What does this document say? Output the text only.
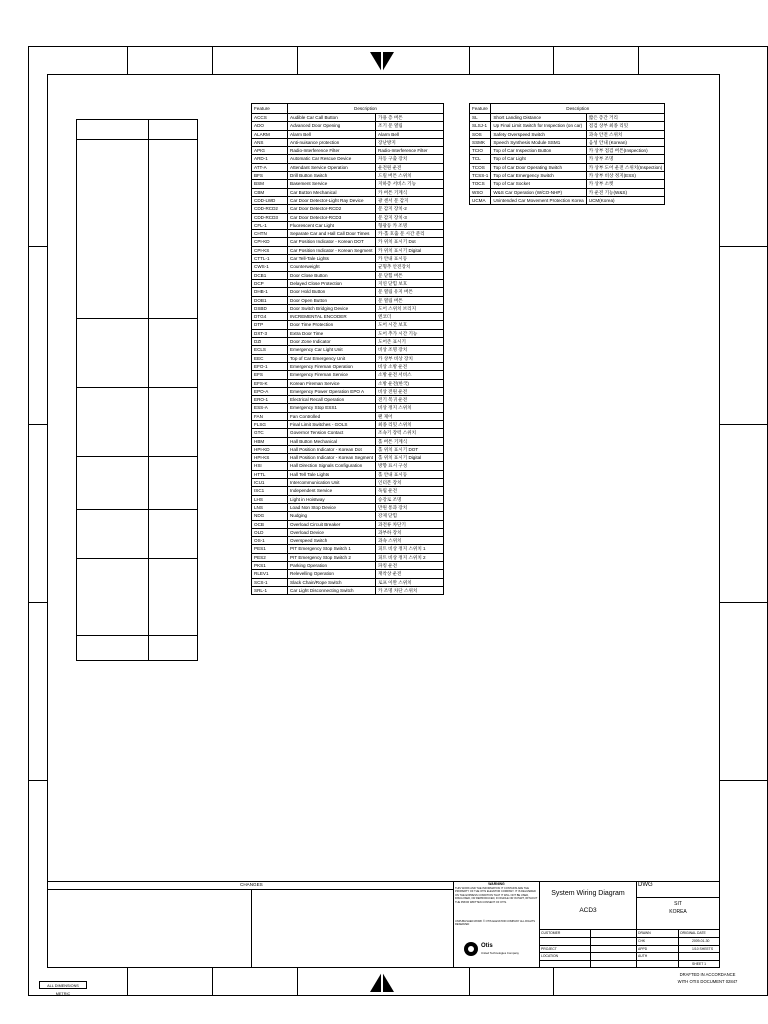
Feature	Description	
ACCS	Audible Car Call Button	가용 층 버튼
ADO	Advanced Door Opening	조기 문 열림
ALARM	Alarm Bell	Alarm Bell
ANS	Anti-nuisance protection	장난방지
APIG	Radio-Interference Filter	Radio-Interference Filter
ARD-1	Automatic Car Rescue Device	자동 구출 장치
ATT-A	Attendant Service Operation	운전원 운전
BFS	Drill Button Switch	드릴 버튼 스위치
BSM	Basement Service	지하층 서비스 기능
CBM	Car Button Mechanical	카 버튼 기계식
CDD-LWD	Car Door Detector-Light Ray Device	광 센서 문 감지
CDD-RCD2	Car Door Detector-RCD2	문 감지 장치-2
CDD-RCD3	Car Door Detector-RCD3	문 감지 장치-3
CFL-1	Fluorescent Car Light	형광등 카 조명
CHTN	Separate Car and Hall Call Door Times	카·홀 호출 문 시간 분리
CPI-KD	Car Position Indicator - Korean DOT	카 위치 표시기 Dot
CPI-KS	Car Position Indicator - Korean Segment	카 위치 표시기 Digital
CTTL-1	Car Tell-Tale Lights	카 안내 표시등
CWS-1	Counterweight	균형추 안전장치
DCB1	Door Close Button	문 닫힘 버튼
DCP	Delayed Close Protection	지연 닫힘 보호
DHB-1	Door Hold Button	문 열림 유지 버튼
DOB1	Door Open Button	문 열림 버튼
DSBD	Door Switch Bridging Device	도어 스위치 브리지
DTG4	INCREMENTAL ENCODER	엔코더
DTP	Door Time Protection	도어 시간 보호
DXT-3	Extra Door Time	도어 추가 시간 기능
DZI	Door Zone Indicator	도어존 표시기
ECLS	Emergency Car Light Unit	비상 조명 장치
EEC	Top of Car Emergency Unit	카 상부 비상 장치
EFO-1	Emergency Fireman Operation	비상 소방 운전
EFS	Emergency Fireman Service	소방 운전 서비스
EFS-K	Korean Fireman Service	소방 운전(한국)
EPO-A	Emergency Power Operation EPO A	비상 전원 운전
ERO-1	Electrical Recall Operation	전기 복귀 운전
ESS-A	Emergency Stop ESS1	비상 정지 스위치
FAN	Fan Controlled	팬 제어
FLSG	Final Limit Switches - GOLS	최종 리밋 스위치
GTC	Governor Tension Contact	조속기 장력 스위치
HBM	Hall Button Mechanical	홀 버튼 기계식
HPI-KD	Hall Position Indicator - Korean Dot	홀 위치 표시기 DOT
HPI-KS	Hall Position Indicator - Korean Segment	홀 위치 표시기 Digital
HSI	Hall Direction Signals Configuration	방향 표시 구성
HTTL	Hall Tell Tale Lights	홀 안내 표시등
ICU1	Intercommunication Unit	인터폰 장치
ISC1	Independent Service	독립 운전
LHS	Light in Hoistway	승강로 조명
LNS	Load Non Stop Device	만원 통과 장치
NDG	Nudging	강제 닫힘
OCB	Overload Circuit Breaker	과전류 차단기
OLD	Overload Device	과부하 장치
OS-1	Overspeed Switch	과속 스위치
PES1	PIT Emergency Stop Switch 1	피트 비상 정지 스위치 1
PES2	PIT Emergency Stop Switch 2	피트 비상 정지 스위치 2
PKS1	Parking Operation	파킹 운전
RLEV1	Relevelling Operation	재착상 운전
SCS-1	Slack Chain/Rope Switch	로프 이완 스위치
SRL-1	Car Light Disconnecting Switch	카 조명 차단 스위치
Feature	Description	
SL	Short Landing Distance	짧은 층간 거리
SLSJ-1	Up Final Limit Switch for Inspection (on car)	점검 상부 최종 리밋
SOS	Safety Overspeed Switch	과속 안전 스위치
SSMK	Speech Synthesis Module SSM1	음성 안내 (Korean)
TCIO	Top of Car Inspection Button	카 상부 점검 버튼(Inspection)
TCL	Top of Car Light	카 상부 조명
TCOS	Top of Car Door Operating Switch	카 상부 도어 운전 스위치(Inspection)
TCSS-1	Top of Car Emergency Switch	카 상부 비상 정지(ESS)
TOCS	Top of Car Socket	카 상부 소켓
WSO	W&S Car Operation (W/CO-NHP)	카 운전 기능(W&S)
UCMA	Unintended Car Movement Protection Korea	UCM(Korea)
CHANGES	WARNING
THIS WORK AND THE INFORMATION IT CONTAINS ARE THE PROPERTY OF THE OTIS ELEVATOR COMPANY. IT IS DELIVERED ON THE EXPRESS CONDITION THAT IT WILL NOT BE USED, DISCLOSED, OR REPRODUCED, IN WHOLE OR IN PART, WITHOUT THE PRIOR WRITTEN CONSENT OF OTIS.
UNPUBLISHED WORK © OTIS ELEVATOR COMPANY ALL RIGHTS RESERVED
Otis
United Technologies Company
System Wiring Diagram
ACD3
DWG
SIT
KOREA
CUSTOMER
PROJECT
LOCATION
DRAWN
CHK
APPD
AUTH
ORIGINAL DATE
2009-01-30
1/10 SHEETS
SHEET 1
DRAFTED IN ACCORDANCE
WITH OTIS DOCUMENT 02847
ALL DIMENSIONS METRIC
